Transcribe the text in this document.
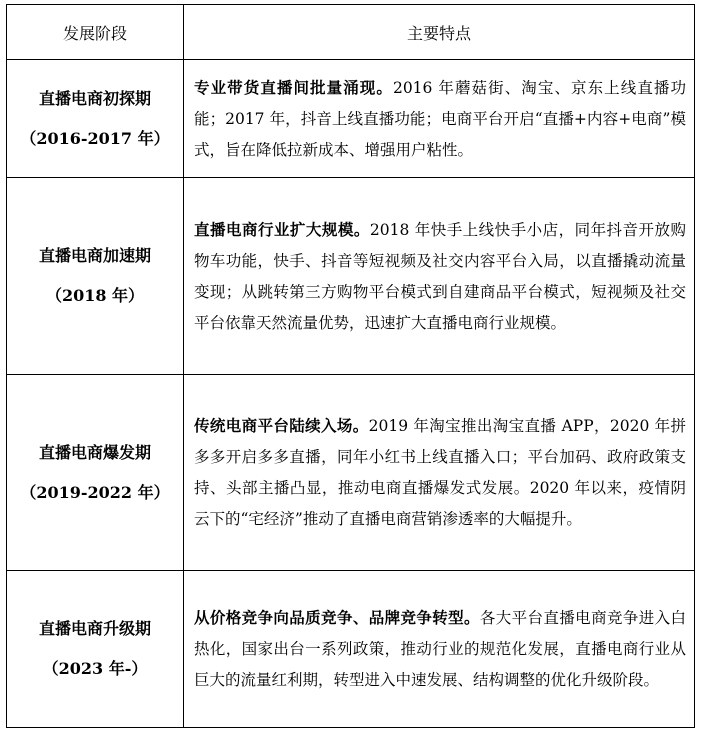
发展阶段	主要特点

直播电商初探期
（2016-2017 年）	专业带货直播间批量涌现。2016 年蘑菇街、淘宝、京东上线直播功能；2017 年，抖音上线直播功能；电商平台开启“直播+内容+电商”模式，旨在降低拉新成本、增强用户粘性。

直播电商加速期
（2018 年）	直播电商行业扩大规模。2018 年快手上线快手小店，同年抖音开放购物车功能，快手、抖音等短视频及社交内容平台入局，以直播撬动流量变现；从跳转第三方购物平台模式到自建商品平台模式，短视频及社交平台依靠天然流量优势，迅速扩大直播电商行业规模。

直播电商爆发期
（2019-2022 年）	传统电商平台陆续入场。2019 年淘宝推出淘宝直播 APP，2020 年拼多多开启多多直播，同年小红书上线直播入口；平台加码、政府政策支持、头部主播凸显，推动电商直播爆发式发展。2020 年以来，疫情阴云下的“宅经济”推动了直播电商营销渗透率的大幅提升。

直播电商升级期
（2023 年-）	从价格竞争向品质竞争、品牌竞争转型。各大平台直播电商竞争进入白热化，国家出台一系列政策，推动行业的规范化发展，直播电商行业从巨大的流量红利期，转型进入中速发展、结构调整的优化升级阶段。
